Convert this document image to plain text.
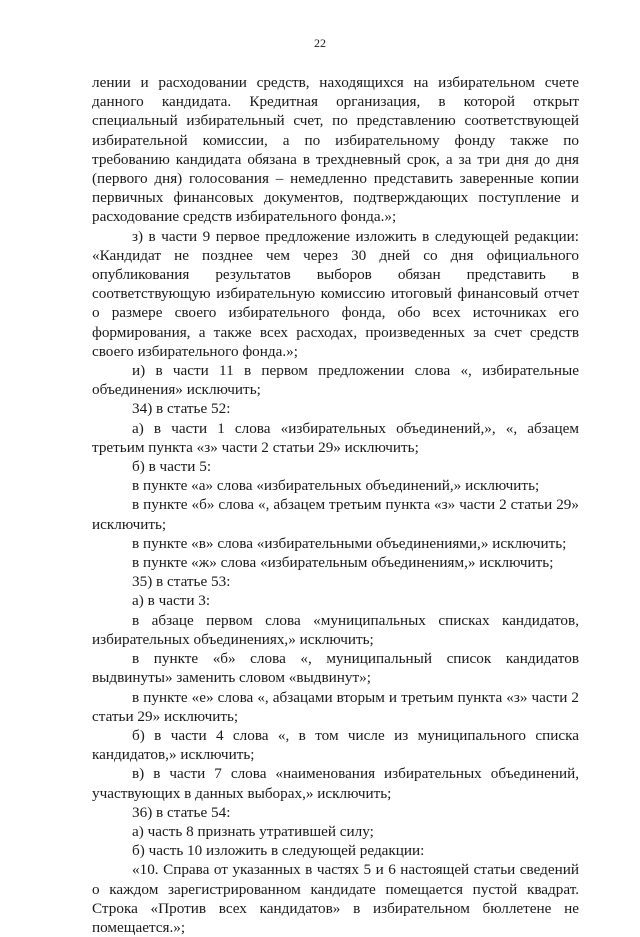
22

лении и расходовании средств, находящихся на избирательном счете данного кандидата. Кредитная организация, в которой открыт специальный избирательный счет, по представлению соответствующей избирательной комиссии, а по избирательному фонду также по требованию кандидата обязана в трехдневный срок, а за три дня до дня (первого дня) голосования – немедленно представить заверенные копии первичных финансовых документов, подтверждающих поступление и расходование средств избирательного фонда.»;

з) в части 9 первое предложение изложить в следующей редакции: «Кандидат не позднее чем через 30 дней со дня официального опубликования результатов выборов обязан представить в соответствующую избирательную комиссию итоговый финансовый отчет о размере своего избирательного фонда, обо всех источниках его формирования, а также всех расходах, произведенных за счет средств своего избирательного фонда.»;

и) в части 11 в первом предложении слова «, избирательные объединения» исключить;

34) в статье 52:

а) в части 1 слова «избирательных объединений,», «, абзацем третьим пункта «з» части 2 статьи 29» исключить;

б) в части 5:

в пункте «а» слова «избирательных объединений,» исключить;

в пункте «б» слова «, абзацем третьим пункта «з» части 2 статьи 29» исключить;

в пункте «в» слова «избирательными объединениями,» исключить;

в пункте «ж» слова «избирательным объединениям,» исключить;

35) в статье 53:

а) в части 3:

в абзаце первом слова «муниципальных списках кандидатов, избирательных объединениях,» исключить;

в пункте «б» слова «, муниципальный список кандидатов выдвинуты» заменить словом «выдвинут»;

в пункте «е» слова «, абзацами вторым и третьим пункта «з» части 2 статьи 29» исключить;

б) в части 4 слова «, в том числе из муниципального списка кандидатов,» исключить;

в) в части 7 слова «наименования избирательных объединений, участвующих в данных выборах,» исключить;

36) в статье 54:

а) часть 8 признать утратившей силу;

б) часть 10 изложить в следующей редакции:

«10. Справа от указанных в частях 5 и 6 настоящей статьи сведений о каждом зарегистрированном кандидате помещается пустой квадрат. Строка «Против всех кандидатов» в избирательном бюллетене не помещается.»;
